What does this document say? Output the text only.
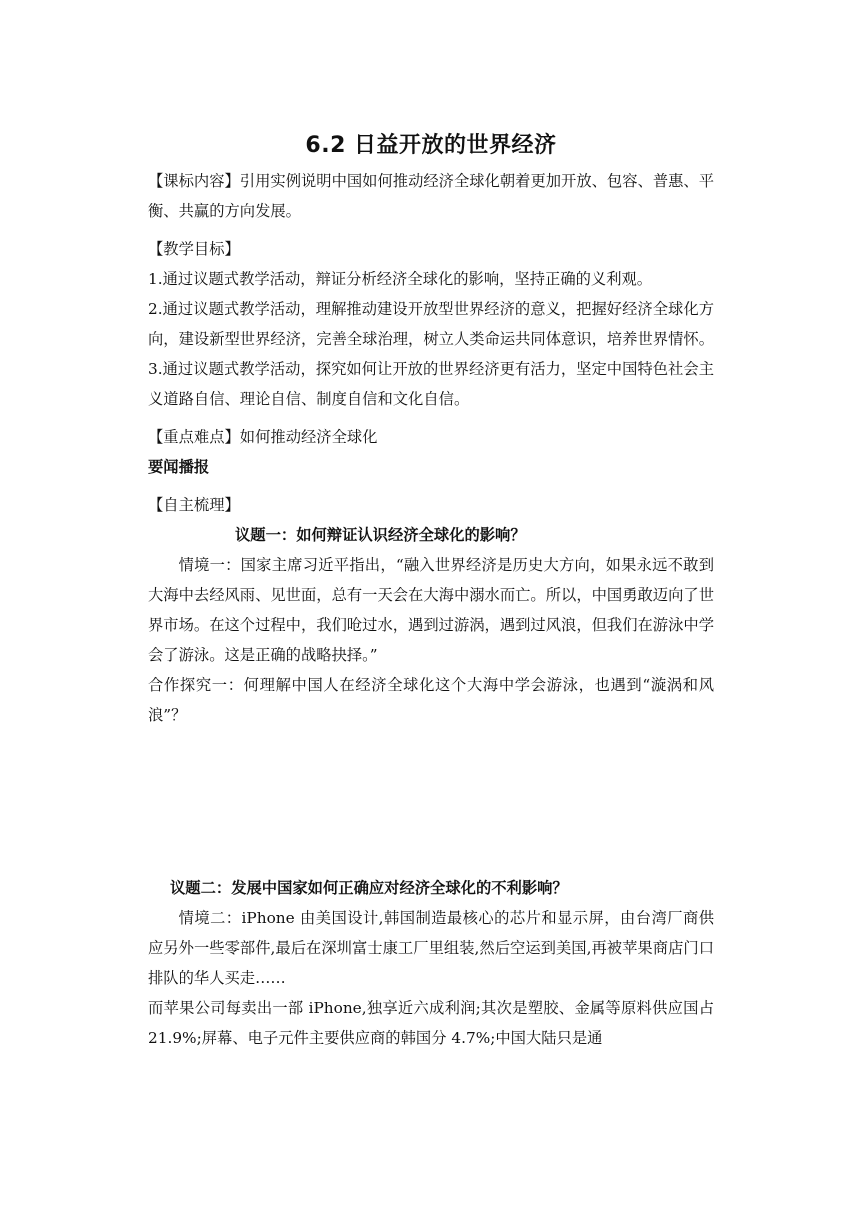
6.2 日益开放的世界经济

【课标内容】引用实例说明中国如何推动经济全球化朝着更加开放、包容、普惠、平衡、共赢的方向发展。

【教学目标】

1.通过议题式教学活动，辩证分析经济全球化的影响，坚持正确的义利观。

2.通过议题式教学活动，理解推动建设开放型世界经济的意义，把握好经济全球化方向，建设新型世界经济，完善全球治理，树立人类命运共同体意识，培养世界情怀。

3.通过议题式教学活动，探究如何让开放的世界经济更有活力，坚定中国特色社会主义道路自信、理论自信、制度自信和文化自信。

【重点难点】如何推动经济全球化

要闻播报

【自主梳理】

议题一：如何辩证认识经济全球化的影响？

情境一：国家主席习近平指出，“融入世界经济是历史大方向，如果永远不敢到大海中去经风雨、见世面，总有一天会在大海中溺水而亡。所以，中国勇敢迈向了世界市场。在这个过程中，我们呛过水，遇到过游涡，遇到过风浪，但我们在游泳中学会了游泳。这是正确的战略抉择。”

合作探究一：何理解中国人在经济全球化这个大海中学会游泳，也遇到“漩涡和风浪”？

议题二：发展中国家如何正确应对经济全球化的不利影响？

情境二：iPhone 由美国设计,韩国制造最核心的芯片和显示屏，由台湾厂商供应另外一些零部件,最后在深圳富士康工厂里组装,然后空运到美国,再被苹果商店门口排队的华人买走……

而苹果公司每卖出一部 iPhone,独享近六成利润;其次是塑胶、金属等原料供应国占 21.9%;屏幕、电子元件主要供应商的韩国分 4.7%;中国大陆只是通
